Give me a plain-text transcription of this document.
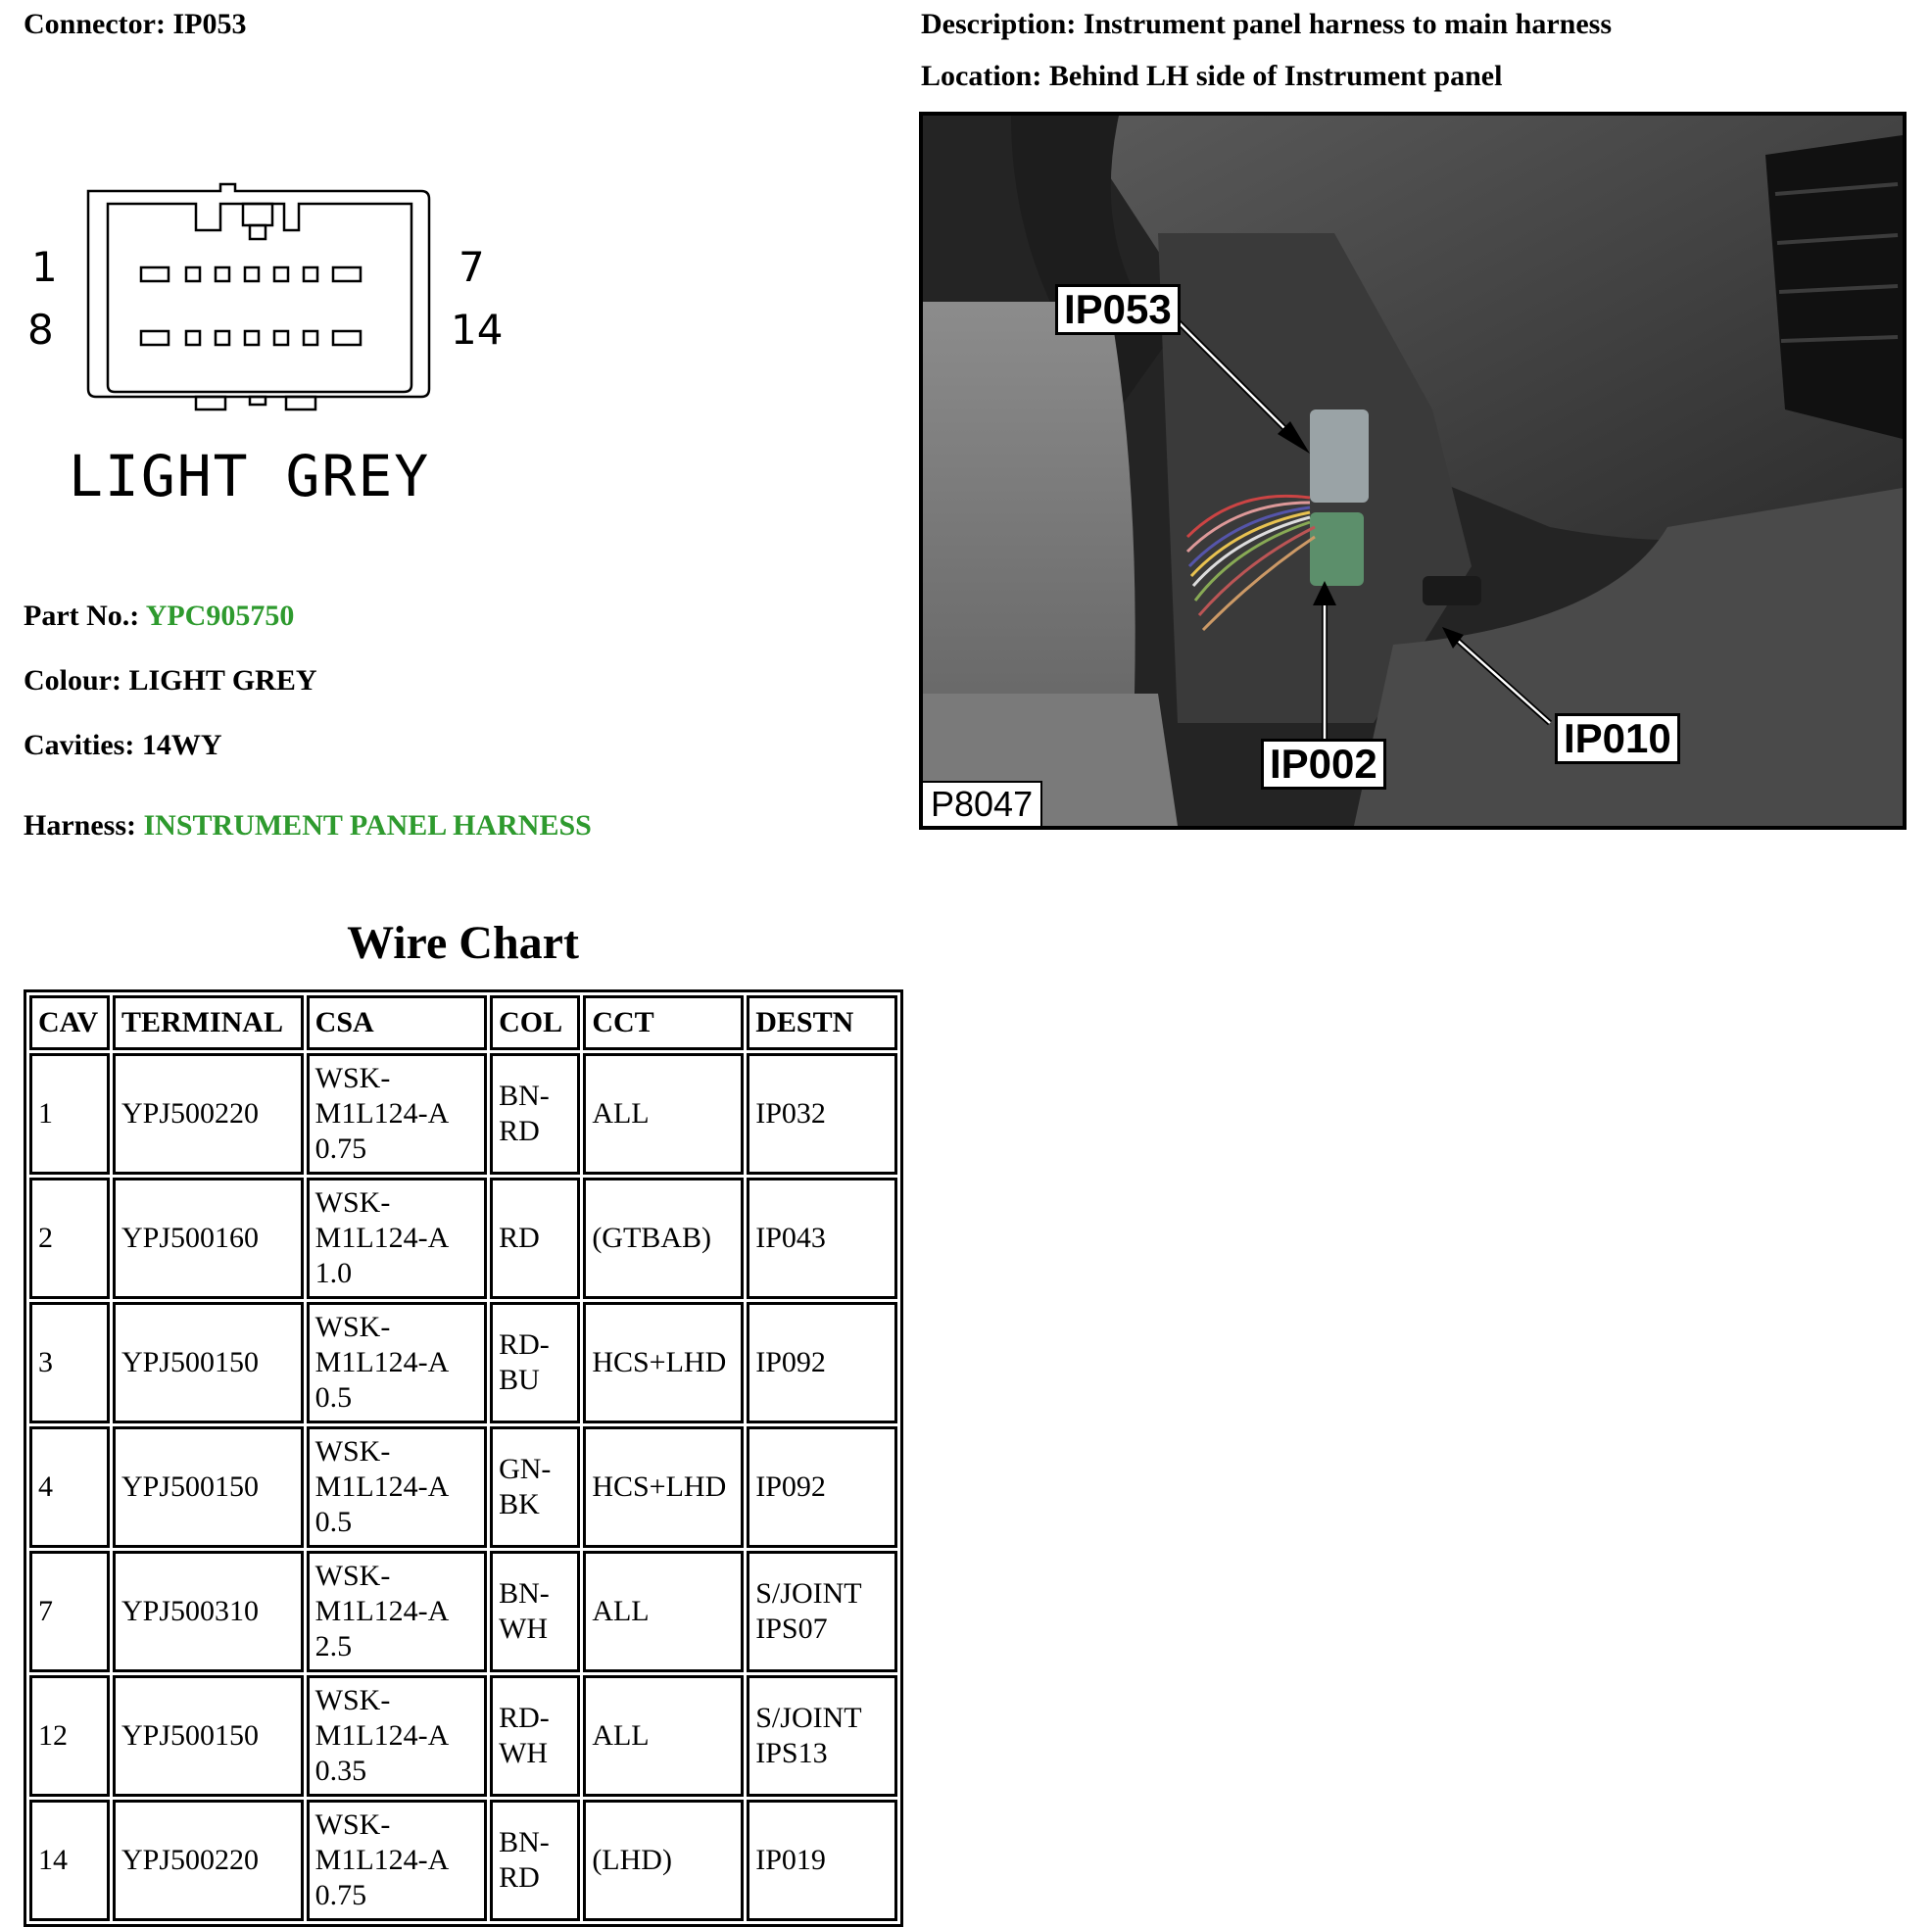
Connector: IP053	Description: Instrument panel harness to main harness
Location: Behind LH side of Instrument panel
1
8
7
14
LIGHT GREY
Part No.: YPC905750
Colour: LIGHT GREY
Cavities: 14WY
Harness: INSTRUMENT PANEL HARNESS
IP053
IP002
IP010
P8047
Wire Chart
CAV	TERMINAL	CSA	COL	CCT	DESTN
1	YPJ500220	WSK-M1L124-A 0.75	BN-RD	ALL	IP032
2	YPJ500160	WSK-M1L124-A 1.0	RD	(GTBAB)	IP043
3	YPJ500150	WSK-M1L124-A 0.5	RD-BU	HCS+LHD	IP092
4	YPJ500150	WSK-M1L124-A 0.5	GN-BK	HCS+LHD	IP092
7	YPJ500310	WSK-M1L124-A 2.5	BN-WH	ALL	S/JOINT IPS07
12	YPJ500150	WSK-M1L124-A 0.35	RD-WH	ALL	S/JOINT IPS13
14	YPJ500220	WSK-M1L124-A 0.75	BN-RD	(LHD)	IP019
